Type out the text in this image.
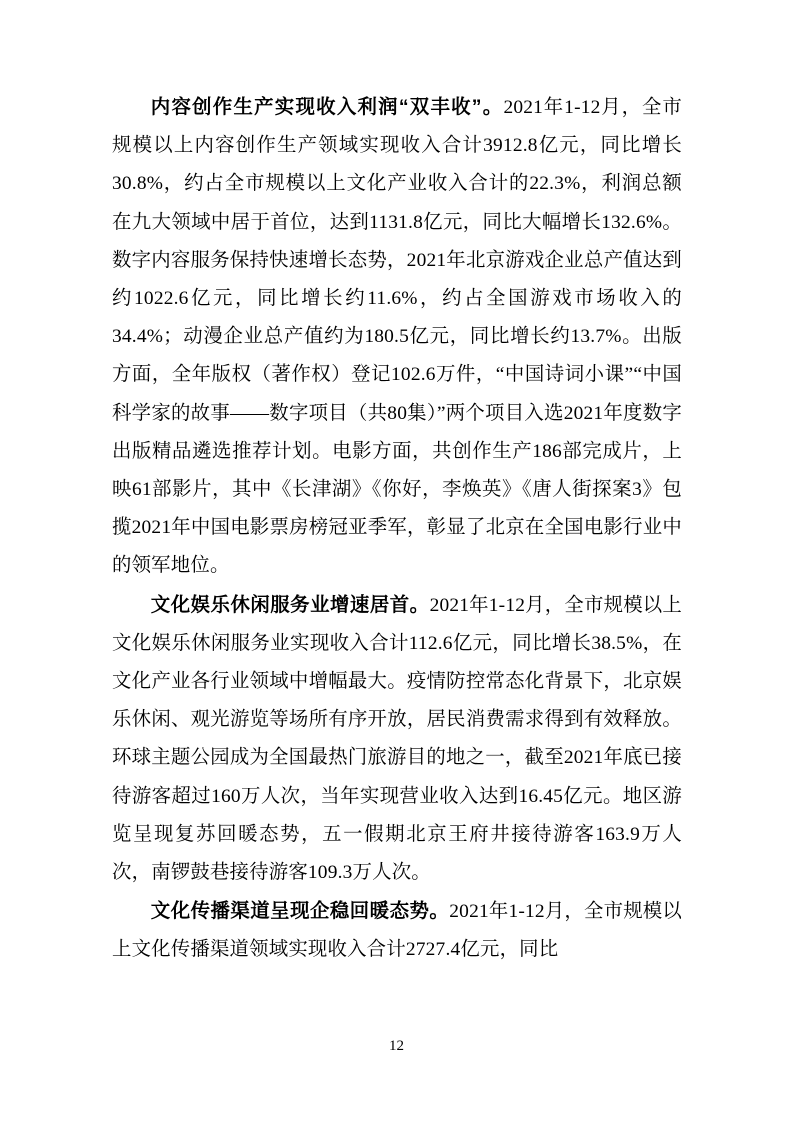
内容创作生产实现收入利润“双丰收”。2021年1-12月，全市规模以上内容创作生产领域实现收入合计3912.8亿元，同比增长30.8%，约占全市规模以上文化产业收入合计的22.3%，利润总额在九大领域中居于首位，达到1131.8亿元，同比大幅增长132.6%。数字内容服务保持快速增长态势，2021年北京游戏企业总产值达到约1022.6亿元，同比增长约11.6%，约占全国游戏市场收入的34.4%；动漫企业总产值约为180.5亿元，同比增长约13.7%。出版方面，全年版权（著作权）登记102.6万件，“中国诗词小课”“中国科学家的故事——数字项目（共80集）”两个项目入选2021年度数字出版精品遴选推荐计划。电影方面，共创作生产186部完成片，上映61部影片，其中《长津湖》《你好，李焕英》《唐人街探案3》包揽2021年中国电影票房榜冠亚季军，彰显了北京在全国电影行业中的领军地位。

文化娱乐休闲服务业增速居首。2021年1-12月，全市规模以上文化娱乐休闲服务业实现收入合计112.6亿元，同比增长38.5%，在文化产业各行业领域中增幅最大。疫情防控常态化背景下，北京娱乐休闲、观光游览等场所有序开放，居民消费需求得到有效释放。环球主题公园成为全国最热门旅游目的地之一，截至2021年底已接待游客超过160万人次，当年实现营业收入达到16.45亿元。地区游览呈现复苏回暖态势，五一假期北京王府井接待游客163.9万人次，南锣鼓巷接待游客109.3万人次。

文化传播渠道呈现企稳回暖态势。2021年1-12月，全市规模以上文化传播渠道领域实现收入合计2727.4亿元，同比

12
